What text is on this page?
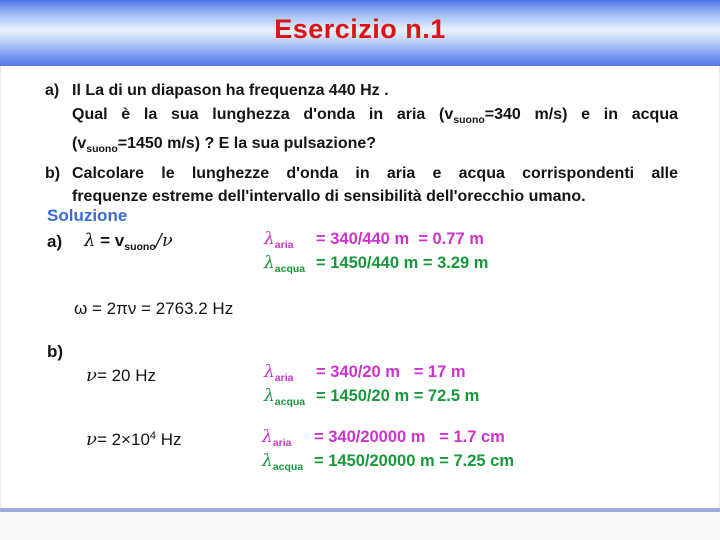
Esercizio n.1
a) Il La di un diapason ha frequenza 440 Hz .
Qual è la sua lunghezza d'onda in aria ($v_{suono}=340$ m/s) e in acqua
($v_{suono}=1450$ m/s) ? E la sua pulsazione?
b) Calcolare le lunghezze d'onda in aria e acqua corrispondenti alle
frequenze estreme dell'intervallo di sensibilità dell'orecchio umano.
Soluzione
a) $\lambda = v_{suono}/\nu$	$\lambda_{aria} = 340/440$ m  = 0.77 m
$\lambda_{acqua} = 1450/440$ m = 3.29 m
ω = 2πν = 2763.2 Hz
b)
ν= 20 Hz	$\lambda_{aria} = 340/20$ m   = 17 m
$\lambda_{acqua} = 1450/20$ m = 72.5 m
$\nu= 2\times 10^4$ Hz	$\lambda_{aria} = 340/20000$ m   = 1.7 cm
$\lambda_{acqua} = 1450/20000$ m = 7.25 cm
